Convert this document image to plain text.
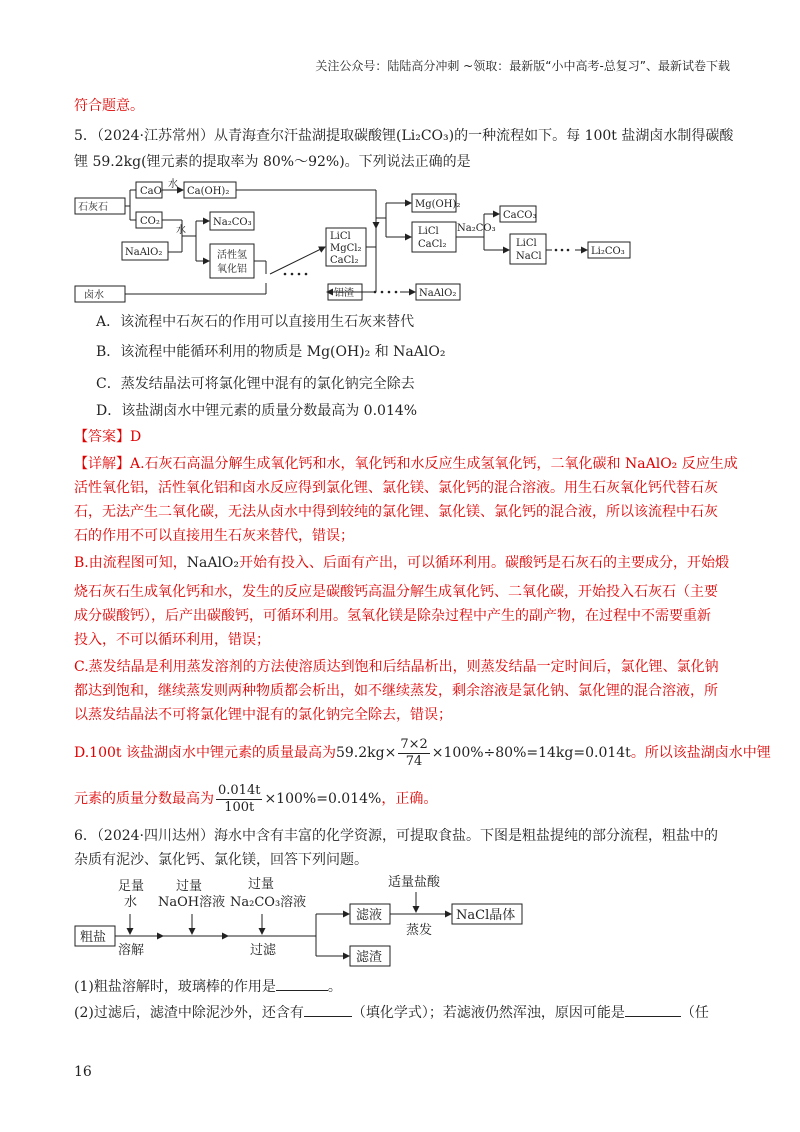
关注公众号：陆陆高分冲刺 ~领取：最新版“小中高考-总复习”、最新试卷下载
符合题意。
5．（2024·江苏常州）从青海查尔汗盐湖提取碳酸锂(Li₂CO₃)的一种流程如下。每 100t 盐湖卤水制得碳酸
锂 59.2kg(锂元素的提取率为 80%～92%)。下列说法正确的是
石灰石
CaO
水
Ca(OH)₂
CO₂
水
NaAlO₂
Na₂CO₃
活性氢
氧化铝
卤水
LiCl
MgCl₂
CaCl₂
Mg(OH)₂
LiCl
CaCl₂
Na₂CO₃
CaCO₃
LiCl
NaCl	Li₂CO₃
铝渣	NaAlO₂
A．该流程中石灰石的作用可以直接用生石灰来替代
B．该流程中能循环利用的物质是 Mg(OH)₂ 和 NaAlO₂
C．蒸发结晶法可将氯化锂中混有的氯化钠完全除去
D．该盐湖卤水中锂元素的质量分数最高为 0.014%
【答案】D
【详解】A.石灰石高温分解生成氧化钙和水，氧化钙和水反应生成氢氧化钙，二氧化碳和 NaAlO₂ 反应生成
活性氧化铝，活性氧化铝和卤水反应得到氯化锂、氯化镁、氯化钙的混合溶液。用生石灰氧化钙代替石灰
石，无法产生二氧化碳，无法从卤水中得到较纯的氯化锂、氯化镁、氯化钙的混合液，所以该流程中石灰
石的作用不可以直接用生石灰来替代，错误；
B.由流程图可知，NaAlO₂开始有投入、后面有产出，可以循环利用。碳酸钙是石灰石的主要成分，开始煅
烧石灰石生成氧化钙和水，发生的反应是碳酸钙高温分解生成氧化钙、二氧化碳，开始投入石灰石（主要
成分碳酸钙），后产出碳酸钙，可循环利用。氢氧化镁是除杂过程中产生的副产物，在过程中不需要重新
投入，不可以循环利用，错误；
C.蒸发结晶是利用蒸发溶剂的方法使溶质达到饱和后结晶析出，则蒸发结晶一定时间后，氯化锂、氯化钠
都达到饱和，继续蒸发则两种物质都会析出，如不继续蒸发，剩余溶液是氯化钠、氯化锂的混合溶液，所
以蒸发结晶法不可将氯化锂中混有的氯化钠完全除去，错误；
D.100t 该盐湖卤水中锂元素的质量最高为$59.2kg\times \frac{7\times 2}{74} \times 100\%\div 80\%=14kg=0.014t$。所以该盐湖卤水中锂
元素的质量分数最高为 $\frac{0.014t}{100t} \times 100\%=0.014\%$，正确。
6．（2024·四川达州）海水中含有丰富的化学资源，可提取食盐。下图是粗盐提纯的部分流程，粗盐中的
杂质有泥沙、氯化钙、氯化镁，回答下列问题。
粗盐
足量
水
溶解
过量
NaOH溶液
过量
Na₂CO₃溶液
过滤
滤液
滤渣
适量盐酸
蒸发
NaCl晶体
(1)粗盐溶解时，玻璃棒的作用是	。
(2)过滤后，滤渣中除泥沙外，还含有	（填化学式）；若滤液仍然浑浊，原因可能是	（任
16
